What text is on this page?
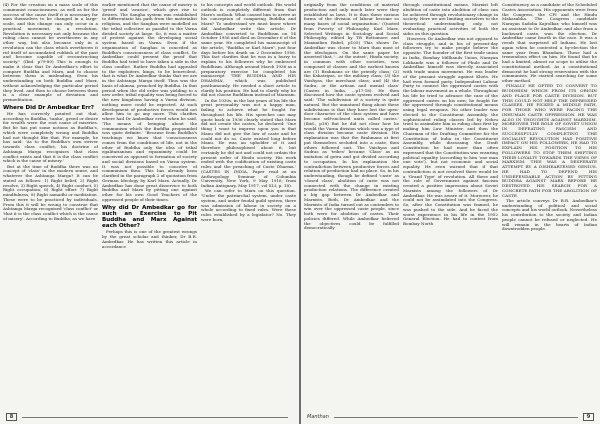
(4) For the creation on a mass scale of this communist consciousness, as well as for the success of the cause itself it is necessary for men themselves to be changed in a large-scale, and this change can only occur in a practical movement, in a revolution. Revolution is necessary not only because the ruling class cannot be overthrown in any other way, but also because only in a revolution can the class which overthrows it rid itself of accumulated rubbish of the past and become capable of reconstructing society." (Ibid. p79-80) This is enough to make it clear that Dr Ambedkar's effort to compare Buddha and Marx, and to choose between them is misleading. Even his understanding on both Buddha and Marx, without acknowledging the particular period they lived, and then to choose between them is a clear example of deviation and premeditation.

Where Did Dr Ambedkar Err?

He has correctly pointed out that, according to Buddha, 'tanha', greed or desire for wealth were the root cause of miseries. But he has put some notions as Buddha's, which were completely wrong and Buddha had not thought like that. For example, he has said: 'As to the Buddha's own striver towards class conflict, his doctrine of Ashtanga Marga recognises that class conflict exists and that it is the class conflict which is the cause of misery.'

But at the time of Buddha there was no concept of 'class' in the modern sense, and whatever the Ashtanga Marga? It can be stated as follows: 1) Right belief, 2) Right resolve, 3) Right speech, 4) Right conduct, 5) Right occupation, 6) Right effort 7) Right mindfulness, 8) Right samadhi or meditation. These were to be practiced by individuals. From this it will be wrong to construe that Ashtanga Marga recognised 'class conflict' or 'that it is the class conflict which is the cause of misery'. According to Buddha, as we have

earlier mentioned that the cause of misery is 'greed' and 'avarice', which give rise to desires. The Sangha system was established to differentiate his path from the materialist religions, and the Sanghas were modelled on the tribal collective as parallel to the Varna divided society at large. So, it was a matter of protest against the developing social system based on Varna. Even if the organisation of Sanghas is conceded as Buddha's consciousness of class conflict, Dr Ambedkar could present the proof that Buddha had tried to have taken a side in the class conflict. Rather Buddha had appealed to the exploiters, kings, to be benevolent, that is what Dr Ambedkar thinks that we are in the Ashtanga Marga itself. Thus was the basis of ahimsa, preached by Buddha. In that period when the old order was yielding to a new order, tribal equality was being forced to the new kingdoms having a Varna division, nothing more could be expected. At such development of productive forces would not allow him to go any more. This clarifies where had Dr Ambedkar erred when he said, 'The means of bringing about the communism which the Buddha propounded was quite definite.' 'Because from Buddha's teachings we know that 'consciousness comes from the conditions of life, not in the other of Buddha only the idea of tribal egalitarianism and equanimity could be conceived as opposed to formation of society and social divisions based on Varna system. It was not possible to conceive of communism then. This has already been clarified in the paragraph 2 of quotation from German Ideology by Karl Marx. Actually, Dr Ambedkar has done great disservice to both Buddha and Marx by pitting one against other for his own Good Teachers of the oppressed people of their times.

Why did Dr Ambedkar go for such an Exercise to Pit Buddha and Marx Against each Other?

Perhaps this is one of the greatest wrongs by the great scholar and thinker, Dr B.R. Ambedkar. He has written this article in accordance

to his concepts and world outlook. His world outlook is completely different from that Marx's outlook. What caused him to arrive at his conception of comparing Buddha and Marx? To understand we must know where did Ambedkar write this article. Dr Ambedkar converted to Buddhism on 14 October 1956 and died on December 6 of the same year. He completed his manuscript of the article, "Buddha or Karl Marx", just four days before his death on 2 December 1956. This fact clarifies that he was in a hurry to explain to his followers why he embraced Buddhism. Although around March 1936 as a preparatory exercise he completed his manuscript 'THE BUDDHA AND HIS DHAMMA', which was published posthumously. He needed a short article to clarify his position. He had to clarify why he did not choose Buddhism instead of Marxism.

In the 1930s, in the last years of his life the great personality was not a happy man, failing to achieve what he fought for throughout his life. His speeches one may quote back in 1936 clearly stated that Marx did not create the castes, he declared: 'One thing I want to impress upon you is that Manu did not give the law of caste and he could not do so. Caste existed long before Manu. He was an upholder of it and therefore philosophised about it, but certainly he did not and could not ordain the present order of Hindu society. His work ended with the codification of existing caste rules and the preaching of Caste Dharma.' (CASTES IN INDIA, Paper read at an Anthropology Seminar of Columbia University, New York, 9 May 1916; from Indian Antiquary, May 1917, vol XLI, p. 18).

We can refer to Marx on this question. 'Under the patriarchal system, under caste system, and under feudal guild system, there was admission of labour in society on a whole according to fixed rules. Were these rules established by a legislator? No. They were born,

8

originally from the conditions of material production and only much later were they established as laws. It is thus these various forms of the division of labour become so many bases of social organisation.' (Quoted from Poverty of Philosophy, Karl Marx, Selected Writings in Sociology and Social Philosophy, edited by TB Bottomore and Maximilien Rubel, p105) This shows Dr. Ambedkar was closer to Marx than most of the ideologues. On the same paper he asserted that, '...at the outset', Hindu society, in common with other societies, was composed of classes and the earliest known are (1) Brahmans or the priestly class; (2) the Kshatriyas, or the military class; (3) the Vaishyas, the merchant class; and (4) the Sudra, or the artisan and menial class' (Castes in India, ...p17-18). He then discussed how the caste system evolved and said: 'The subdivision of a society is quite natural. But the unnatural thing about these subdivisions is that they have lost the open-door character of the class system and have become self-enclosed units called castes.' (Ibid., p18) But he did not clear how he would the Varna division which was a type of class division become caste division. His explanation was that the Brahmans at first put themselves secluded into a caste, then others followed suit. The Vaishyas and Sudras as 'tribes' became 'Class' as an imitation of gotra and got divided according to occupation. In his explanation the contradiction between productive forces and relation of production had no place. So, in his understanding, though he defined 'caste' as 'closed class', abolition of caste was not connected with the change in existing production relations. The difference created a big gap between Dr Ambedkar and Marxists. Both, Dr Ambedkar and the Marxists of India turned out as contenders to win over the oppressed caste people, since both were for abolition of castes. Their policies differed. While Ambedkar believed the objectives could be fulfilled democratically

through constitutional means, Marxist left abolition of caste into abolition of class can be achieved through revolutionary change in society. Here we are limiting ourselves to the theoretical understanding only, not evaluating practical activities of both the sides on this question.

However, Dr Ambedkar was not opposed to class struggle, and in his of present-day followers try to make people believe the opposite. The founder of the first trade union in India, Bombay Millhands Union, Narayan Lokhande was a follower of Phule and Dr Ambedkar himself was directly associated with trade union movement. He was leader of the peasant struggle against Khots. He had even formed party, Independent Labour Party to connect the oppressed castes with the labour movement as a whole. Throughout his life he tried to advance the case of the oppressed castes on his own; he fought for the oppressed through constitutional means using legal weapons. No other leader was elected to the Constituent Assembly, the sophisticated ruling classes led by Nehru tried to assimilate him in ruling class first by making him Law Minister, and then the Chairman of the Drafting Committee for the Constitution of India in the Constituent Assembly, while discussing the Draft Constitution he had more than often expressed that the Constitution was ensuring political equality (according to him 'one man one vote'), but not economic and social equality. He even warned that if that contradiction is not resolved there would be a 'Grand Type' of revolution. All these and the role of Government against fascism created a positive impression about Soviet Marxists among the followers of Dr Ambedkar. He was aware of it. Moreover, he could not be assimilated into the Congress. So, after the Constitution was framed, he was pushed to the side. And he faced the worst experience in his life in the 1952 General Election. He had to contest from Bombay North

Constituency as a candidate of the Scheduled Castes Association. His opponents were from the Congress, the CPI and the Hindu Mahasabha. The Congress candidate Narayan Sadoba Kajrolkar, who himself was an assistant to Dr Ambedkar, and also from a backward caste, won the election. Dr Ambedkar came fourth in the race. It was a result that surprised all Indians. He lost again when he contested a by-election the same year from Bhandara. These had a tremendous effect on him. He found that he had a limited, almost no scope to utilise the constitutional method. As a constitutional democrat he had strong reservation with the communists. He started searching for some other method.

FINALLY HE OPTED TO CONVERT TO BUDDHISM WHICH FROM ITS ORIGIN AND PLACE FOR CASTE DIVISION. BUT THIS COULD NOT HELP THE DEPRESSED CLASSES. HE PICKED A MIDDLE PATH, FOR THOSE WHO WERE FACING THE INHUMAN CASTE OPPRESSION. HE WAS ALSO IN THOUGHTS AGAINST MARXISM. MOREOVER THE ROLE OF SOVIET UNION IN DEFEATING FASCISM AND SUCCESSFULLY COMPLETING THE SOCIALIST REVOLUTION HAD POSITIVE IMPACT ON HIS FOLLOWERS, HE HAD TO EXPLAIN HIS POSITION TO HIS FOLLOWERS TO STOP THEM SHIFTING THEIR LOYALTY TOWARDS THE VIEWS OF MARXISM. THIS WAS A DESPERATE ATTEMPT BY A DISHEARTENED GENIUS. HE HAD TO DEFEND HIS UNDEFENDABLE ACTION BY PITTING BUDDHA AGAINST MARX BEFORE HE DESTROYED HIS SEARCH FOR A CONCRETE PATH FOR THE ABOLITION OF CASTE.

The article conveys Dr B.R. Ambedkar's understanding of political and social concepts and his world outlook. Nevertheless his contribution to the society and Indian people cannot be refused or neglected. He will remain in the hearts of Indian downtrodden people.

Manthan	9
